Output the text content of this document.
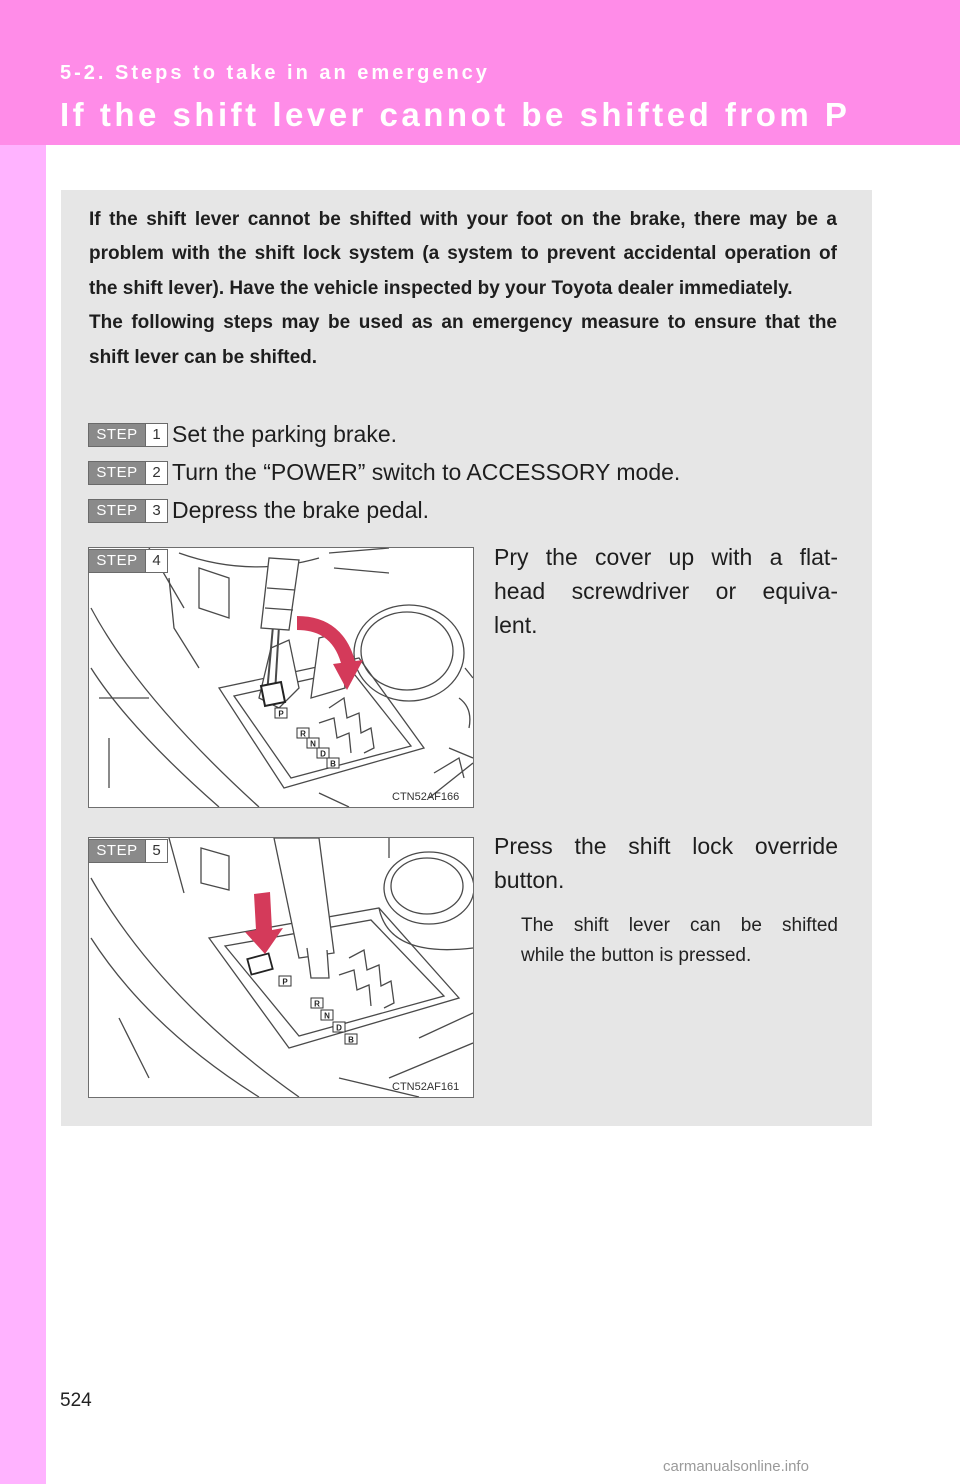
5-2. Steps to take in an emergency
If the shift lever cannot be shifted from P

If the shift lever cannot be shifted with your foot on the brake, there may be a problem with the shift lock system (a system to prevent accidental operation of the shift lever). Have the vehicle inspected by your Toyota dealer immediately.

The following steps may be used as an emergency measure to ensure that the shift lever can be shifted.

STEP 1 Set the parking brake.
STEP 2 Turn the “POWER” switch to ACCESSORY mode.
STEP 3 Depress the brake pedal.
P
R
N
D
B
STEP 4
CTN52AF166

Pry the cover up with a flat-

head screwdriver or equiva-

lent.

P
R
N
D
B
STEP 5
CTN52AF161

Press the shift lock override

button.

The shift lever can be shifted
while the button is pressed.
524
carmanualsonline.info
